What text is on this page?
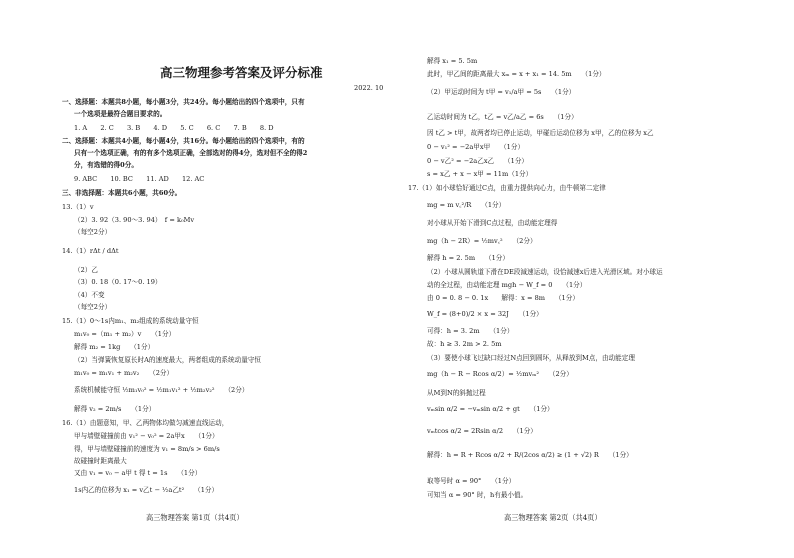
高三物理参考答案及评分标准
2022. 10
一、选择题：本题共8小题，每小题3分，共24分。每小题给出的四个选项中，只有
一个选项是最符合题目要求的。
1. A　　2. C　　3. B　　4. D　　5. C　　6. C　　7. B　　8. D
二、选择题：本题共4小题，每小题4分，共16分。每小题给出的四个选项中，有的
只有一个选项正确，有的有多个选项正确，全部选对的得4分，选对但不全的得2
分，有选错的得0分。
9. ABC　　10. BC　　11. AD　　12. AC
三、非选择题：本题共6小题，共60分。
13.（1）v
（2）3. 92（3. 90～3. 94）　f = k₀Mv
（每空2分）
14.（1）rΔt / dΔt
（2）乙
（3）0. 18（0. 17～0. 19）
（4）不变
（每空2分）
15.（1）0～1s内m₁、m₂组成的系统动量守恒
m₁v₀ =（m₁ + m₂）v　　（1分）
解得 m₂ = 1kg　　（1分）
（2）当弹簧恢复原长时A的速度最大，两者组成的系统动量守恒
m₁v₀ = m₁v₁ + m₂v₂　　（2分）
系统机械能守恒 ½m₁v₀² = ½m₁v₁² + ½m₂v₂²　　（2分）
解得 v₂ = 2m/s　　（1分）
16.（1）由题意知，甲、乙两物体均做匀减速直线运动，
甲与墙壁碰撞前由 v₁² − v₀² = 2a甲x　　（1分）
得，甲与墙壁碰撞前的速度为 v₁ = 8m/s > 6m/s
故碰撞时距离最大
又由 v₁ = v₀ − a甲 t 得 t = 1s　　（1分）
1s内乙的位移为 x₁ = v乙t − ½a乙t²　　（1分）
高三物理答案 第1页（共4页）
解得 x₁ = 5. 5m
此时，甲乙间的距离最大 xₘ = x + x₁ = 14. 5m　　（1分）
（2）甲运动时间为 t甲 = v₁/a甲 = 5s　　（1分）
乙运动时间为 t乙，t乙 = v乙/a乙 = 6s　　（1分）
因 t乙 > t甲，故两者均已停止运动，甲碰后运动位移为 x甲，乙的位移为 x乙
0 − v₁² = −2a甲x甲　　（1分）
0 − v乙² = −2a乙x乙　　（1分）
s = x乙 + x − x甲 = 11m（1分）
17.（1）如小球恰好通过C点，由重力提供向心力，由牛顿第二定律
mg = m v꜀²/R　　（1分）
对小球从开始下滑到C点过程，由动能定理得
mg（h − 2R）= ½mv꜀²　　（2分）
解得 h = 2. 5m　　（1分）
（2）小球从圆轨道下滑在DE段減速运动，设恰減速x后进入光滑区域。对小球运
动的全过程，由动能定理 mgh − W_f = 0　　（1分）
由 0 = 0. 8 − 0. 1x　　解得：x = 8m　　（1分）
W_f = (8+0)/2 × x = 32J　　（1分）
可得：h = 3. 2m　　（1分）
故：h ≥ 3. 2m > 2. 5m
（3）要使小球飞过缺口经过N点回到圆环，从释放到M点，由动能定理
mg（h − R − Rcos α/2）= ½mvₘ²　　（2分）
从M到N的斜抛过程
vₘsin α/2 = −vₘsin α/2 + gt　　（1分）
vₘtcos α/2 = 2Rsin α/2　　（1分）
解得：h = R + Rcos α/2 + R/(2cos α/2) ≥ (1 + √2) R　　（1分）
取等号时 α = 90°　　（1分）
可知当 α = 90° 时，h有最小值。
高三物理答案 第2页（共4页）
